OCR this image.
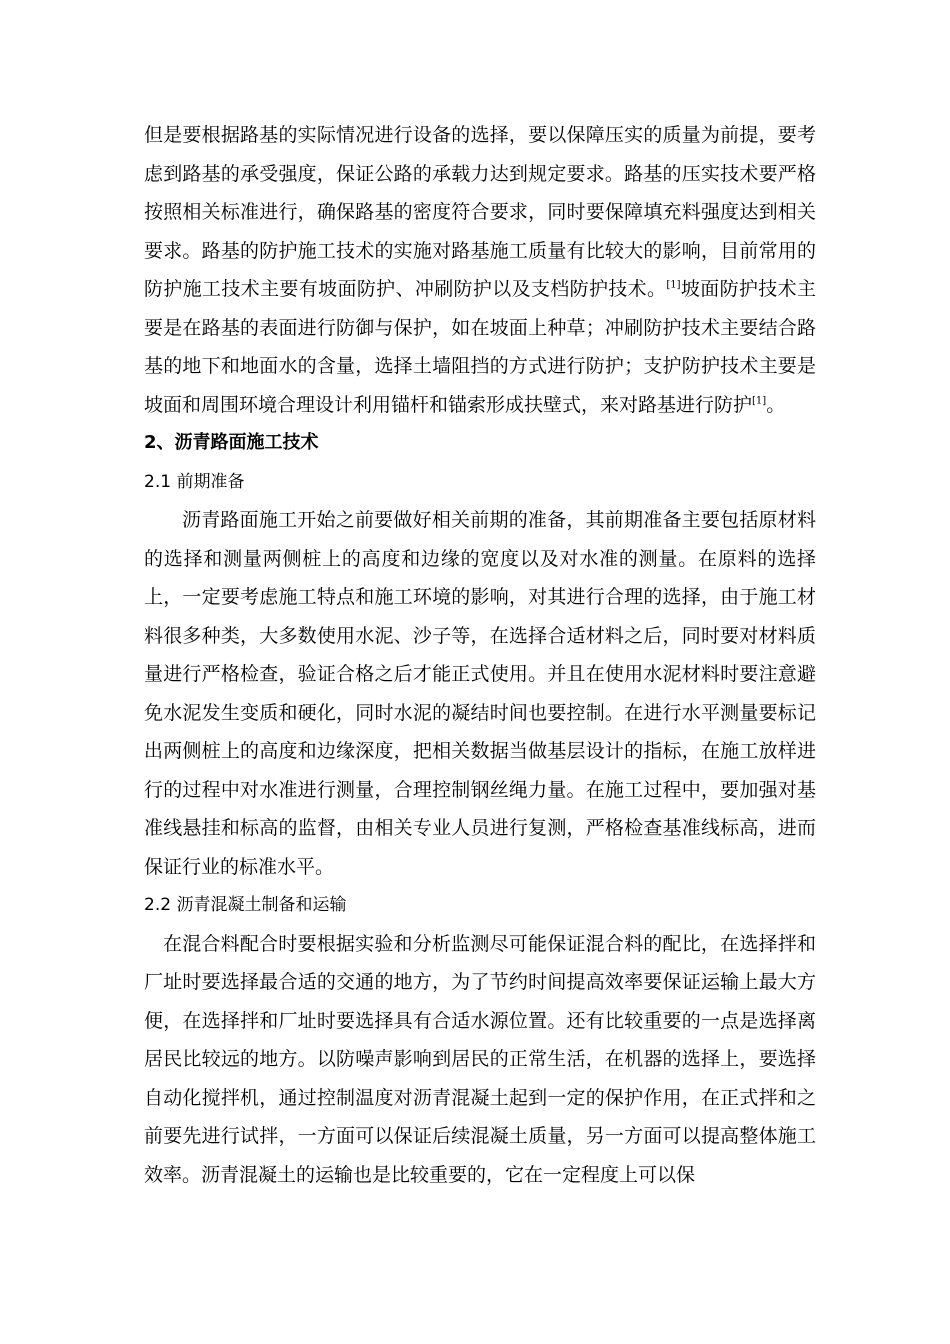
但是要根据路基的实际情况进行设备的选择，要以保障压实的质量为前提，要考虑到路基的承受强度，保证公路的承载力达到规定要求。路基的压实技术要严格按照相关标准进行，确保路基的密度符合要求，同时要保障填充料强度达到相关要求。路基的防护施工技术的实施对路基施工质量有比较大的影响，目前常用的防护施工技术主要有坡面防护、冲刷防护以及支档防护技术。[1]坡面防护技术主要是在路基的表面进行防御与保护，如在坡面上种草；冲刷防护技术主要结合路基的地下和地面水的含量，选择土墙阻挡的方式进行防护；支护防护技术主要是坡面和周围环境合理设计利用锚杆和锚索形成扶壁式，来对路基进行防护[1]。

2、沥青路面施工技术

2.1 前期准备

沥青路面施工开始之前要做好相关前期的准备，其前期准备主要包括原材料的选择和测量两侧桩上的高度和边缘的宽度以及对水准的测量。在原料的选择上，一定要考虑施工特点和施工环境的影响，对其进行合理的选择，由于施工材料很多种类，大多数使用水泥、沙子等，在选择合适材料之后，同时要对材料质量进行严格检查，验证合格之后才能正式使用。并且在使用水泥材料时要注意避免水泥发生变质和硬化，同时水泥的凝结时间也要控制。在进行水平测量要标记出两侧桩上的高度和边缘深度，把相关数据当做基层设计的指标，在施工放样进行的过程中对水准进行测量，合理控制钢丝绳力量。在施工过程中，要加强对基准线悬挂和标高的监督，由相关专业人员进行复测，严格检查基准线标高，进而保证行业的标准水平。

2.2 沥青混凝土制备和运输

在混合料配合时要根据实验和分析监测尽可能保证混合料的配比，在选择拌和厂址时要选择最合适的交通的地方，为了节约时间提高效率要保证运输上最大方便，在选择拌和厂址时要选择具有合适水源位置。还有比较重要的一点是选择离居民比较远的地方。以防噪声影响到居民的正常生活，在机器的选择上，要选择自动化搅拌机，通过控制温度对沥青混凝土起到一定的保护作用，在正式拌和之前要先进行试拌，一方面可以保证后续混凝土质量，另一方面可以提高整体施工效率。沥青混凝土的运输也是比较重要的，它在一定程度上可以保
